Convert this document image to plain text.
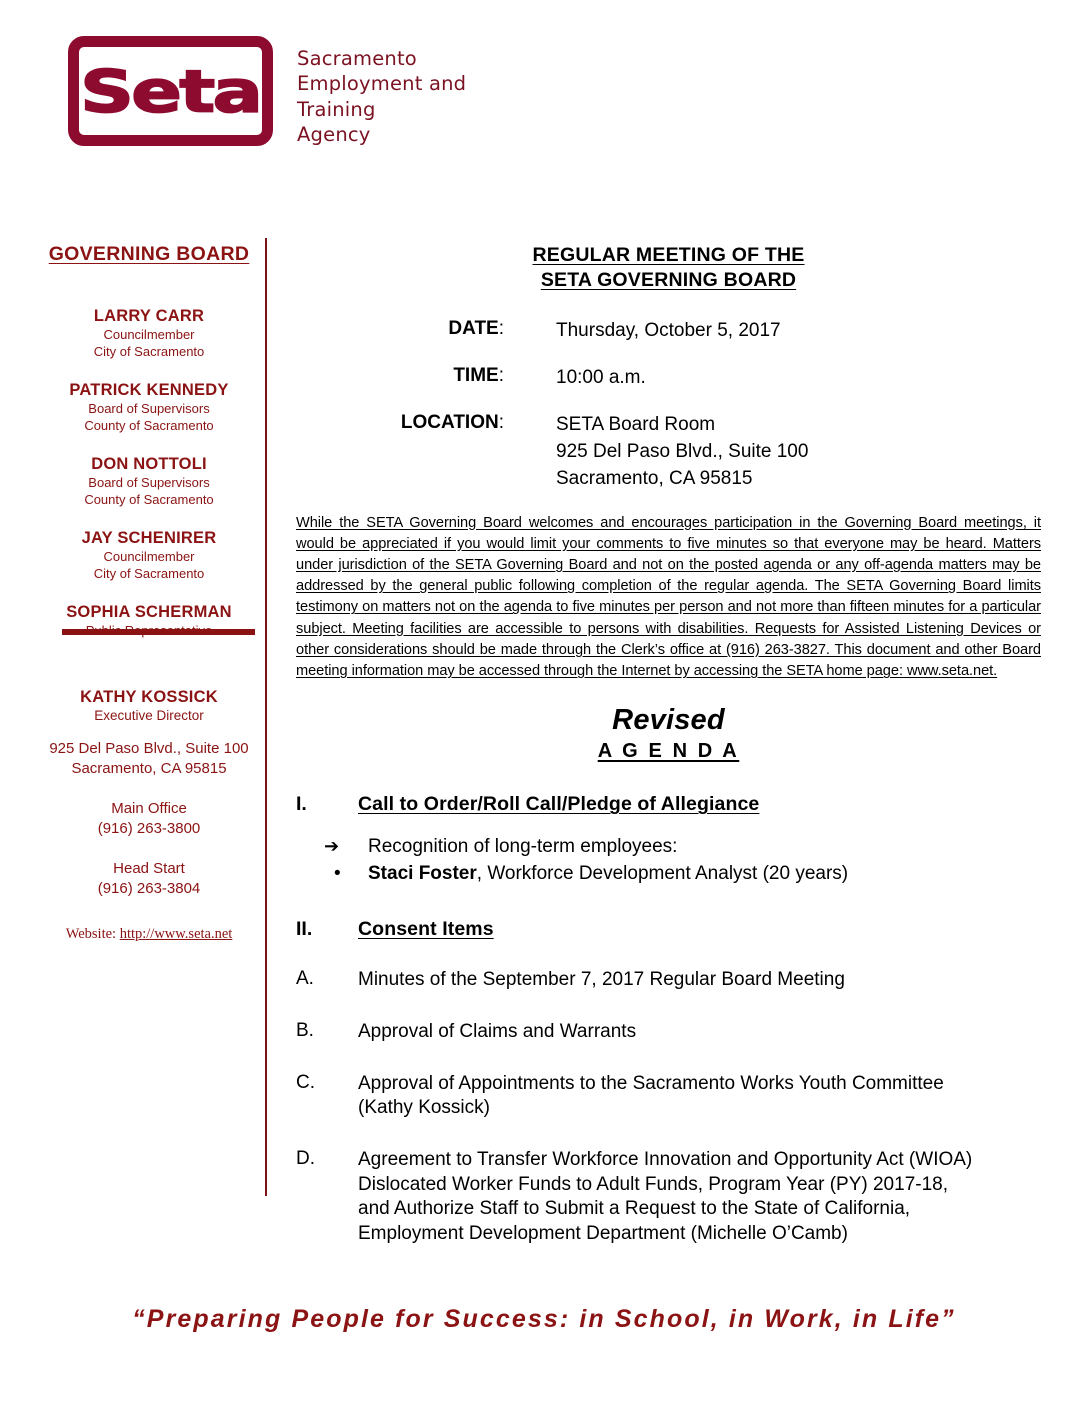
Seta Sacramento
Employment and
Training
Agency
GOVERNING BOARD
LARRY CARR
Councilmember
City of Sacramento
PATRICK KENNEDY
Board of Supervisors
County of Sacramento
DON NOTTOLI
Board of Supervisors
County of Sacramento
JAY SCHENIRER
Councilmember
City of Sacramento
SOPHIA SCHERMAN
KATHY KOSSICK
Executive Director
925 Del Paso Blvd., Suite 100
Sacramento, CA 95815
Main Office
(916) 263-3800
Head Start
(916) 263-3804
Website: http://www.seta.net
REGULAR MEETING OF THE
SETA GOVERNING BOARD
DATE:	Thursday, October 5, 2017
TIME:	10:00 a.m.
LOCATION:	SETA Board Room
925 Del Paso Blvd., Suite 100
Sacramento, CA 95815
While the SETA Governing Board welcomes and encourages participation in the Governing Board meetings, it would be appreciated if you would limit your comments to five minutes so that everyone may be heard. Matters under jurisdiction of the SETA Governing Board and not on the posted agenda or any off-agenda matters may be addressed by the general public following completion of the regular agenda. The SETA Governing Board limits testimony on matters not on the agenda to five minutes per person and not more than fifteen minutes for a particular subject. Meeting facilities are accessible to persons with disabilities. Requests for Assisted Listening Devices or other considerations should be made through the Clerk’s office at (916) 263-3827. This document and other Board meeting information may be accessed through the Internet by accessing the SETA home page: www.seta.net.
Revised
A G E N D A
I.	Call to Order/Roll Call/Pledge of Allegiance
➔	Recognition of long-term employees:
•	Staci Foster, Workforce Development Analyst (20 years)
II.	Consent Items
A.	Minutes of the September 7, 2017 Regular Board Meeting
B.	Approval of Claims and Warrants
C.	Approval of Appointments to the Sacramento Works Youth Committee (Kathy Kossick)
D.	Agreement to Transfer Workforce Innovation and Opportunity Act (WIOA) Dislocated Worker Funds to Adult Funds, Program Year (PY) 2017-18, and Authorize Staff to Submit a Request to the State of California, Employment Development Department (Michelle O’Camb)
“Preparing People for Success: in School, in Work, in Life”
